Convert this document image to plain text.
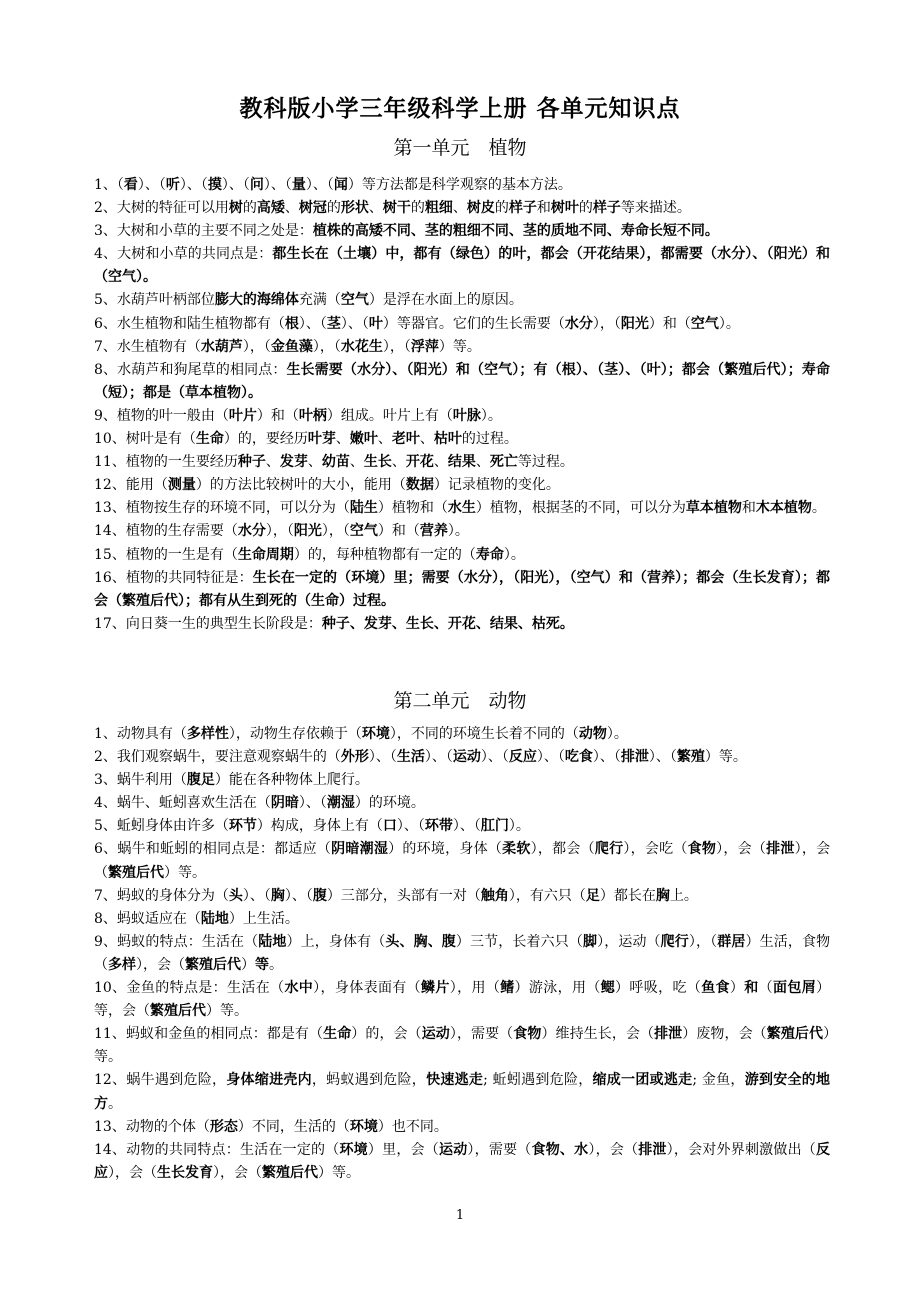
教科版小学三年级科学上册 各单元知识点
第一单元　植物
1、（看）、（听）、（摸）、（问）、（量）、（闻）等方法都是科学观察的基本方法。
2、大树的特征可以用树的高矮、树冠的形状、树干的粗细、树皮的样子和树叶的样子等来描述。
3、大树和小草的主要不同之处是：植株的高矮不同、茎的粗细不同、茎的质地不同、寿命长短不同。
4、大树和小草的共同点是：都生长在（土壤）中，都有（绿色）的叶，都会（开花结果），都需要（水分）、（阳光）和（空气）。
5、水葫芦叶柄部位膨大的海绵体充满（空气）是浮在水面上的原因。
6、水生植物和陆生植物都有（根）、（茎）、（叶）等器官。它们的生长需要（水分），（阳光）和（空气）。
7、水生植物有（水葫芦），（金鱼藻），（水花生），（浮萍）等。
8、水葫芦和狗尾草的相同点：生长需要（水分）、（阳光）和（空气）；有（根）、（茎）、（叶）；都会（繁殖后代）；寿命（短）；都是（草本植物）。
9、植物的叶一般由（叶片）和（叶柄）组成。叶片上有（叶脉）。
10、树叶是有（生命）的，要经历叶芽、嫩叶、老叶、枯叶的过程。
11、植物的一生要经历种子、发芽、幼苗、生长、开花、结果、死亡等过程。
12、能用（测量）的方法比较树叶的大小，能用（数据）记录植物的变化。
13、植物按生存的环境不同，可以分为（陆生）植物和（水生）植物，根据茎的不同，可以分为草本植物和木本植物。
14、植物的生存需要（水分），（阳光），（空气）和（营养）。
15、植物的一生是有（生命周期）的，每种植物都有一定的（寿命）。
16、植物的共同特征是：生长在一定的（环境）里；需要（水分），（阳光），（空气）和（营养）；都会（生长发育）；都会（繁殖后代）；都有从生到死的（生命）过程。
17、向日葵一生的典型生长阶段是：种子、发芽、生长、开花、结果、枯死。
第二单元　动物
1、动物具有（多样性），动物生存依赖于（环境），不同的环境生长着不同的（动物）。
2、我们观察蜗牛，要注意观察蜗牛的（外形）、（生活）、（运动）、（反应）、（吃食）、（排泄）、（繁殖）等。
3、蜗牛利用（腹足）能在各种物体上爬行。
4、蜗牛、蚯蚓喜欢生活在（阴暗）、（潮湿）的环境。
5、蚯蚓身体由许多（环节）构成，身体上有（口）、（环带）、（肛门）。
6、蜗牛和蚯蚓的相同点是：都适应（阴暗潮湿）的环境，身体（柔软），都会（爬行），会吃（食物），会（排泄），会（繁殖后代）等。
7、蚂蚁的身体分为（头）、（胸）、（腹）三部分，头部有一对（触角），有六只（足）都长在胸上。
8、蚂蚁适应在（陆地）上生活。
9、蚂蚁的特点：生活在（陆地）上，身体有（头、胸、腹）三节，长着六只（脚），运动（爬行），（群居）生活，食物（多样），会（繁殖后代）等。
10、金鱼的特点是：生活在（水中），身体表面有（鳞片），用（鳍）游泳，用（鳃）呼吸，吃（鱼食）和（面包屑）等，会（繁殖后代）等。
11、蚂蚁和金鱼的相同点：都是有（生命）的，会（运动），需要（食物）维持生长，会（排泄）废物，会（繁殖后代）等。
12、蜗牛遇到危险，身体缩进壳内，蚂蚁遇到危险，快速逃走; 蚯蚓遇到危险，缩成一团或逃走; 金鱼，游到安全的地方。
13、动物的个体（形态）不同，生活的（环境）也不同。
14、动物的共同特点：生活在一定的（环境）里，会（运动），需要（食物、水），会（排泄），会对外界刺激做出（反应），会（生长发育），会（繁殖后代）等。
1
